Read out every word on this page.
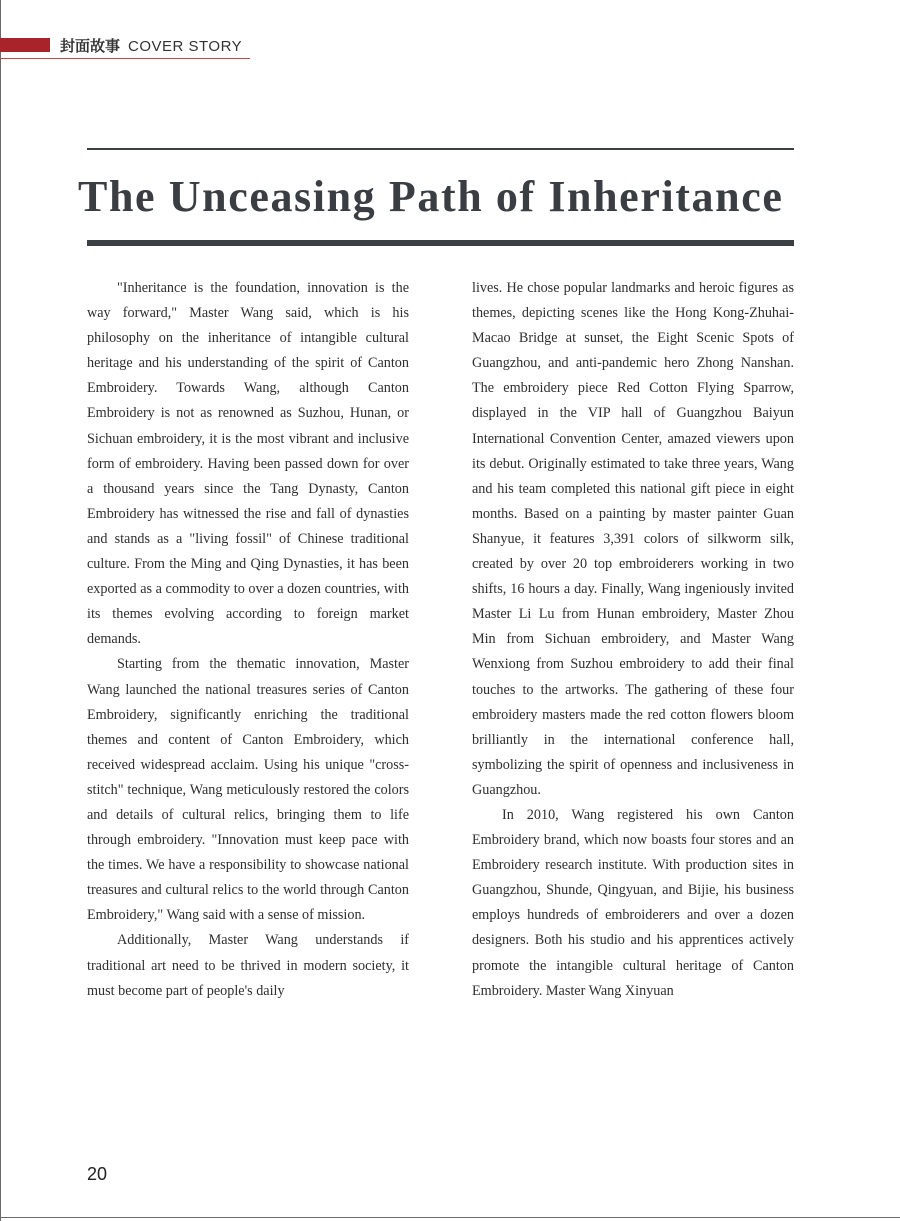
封面故事 COVER STORY
The Unceasing Path of Inheritance

"Inheritance is the foundation, innovation is the way forward," Master Wang said, which is his philosophy on the inheritance of intangible cultural heritage and his understanding of the spirit of Canton Embroidery. Towards Wang, although Canton Embroidery is not as renowned as Suzhou, Hunan, or Sichuan embroidery, it is the most vibrant and inclusive form of embroidery. Having been passed down for over a thousand years since the Tang Dynasty, Canton Embroidery has witnessed the rise and fall of dynasties and stands as a "living fossil" of Chinese traditional culture. From the Ming and Qing Dynasties, it has been exported as a commodity to over a dozen countries, with its themes evolving according to foreign market demands.

Starting from the thematic innovation, Master Wang launched the national treasures series of Canton Embroidery, significantly enriching the traditional themes and content of Canton Embroidery, which received widespread acclaim. Using his unique "cross-stitch" technique, Wang meticulously restored the colors and details of cultural relics, bringing them to life through embroidery. "Innovation must keep pace with the times. We have a responsibility to showcase national treasures and cultural relics to the world through Canton Embroidery," Wang said with a sense of mission.

Additionally, Master Wang understands if traditional art need to be thrived in modern society, it must become part of people's daily

lives. He chose popular landmarks and heroic figures as themes, depicting scenes like the Hong Kong-Zhuhai-Macao Bridge at sunset, the Eight Scenic Spots of Guangzhou, and anti-pandemic hero Zhong Nanshan. The embroidery piece Red Cotton Flying Sparrow, displayed in the VIP hall of Guangzhou Baiyun International Convention Center, amazed viewers upon its debut. Originally estimated to take three years, Wang and his team completed this national gift piece in eight months. Based on a painting by master painter Guan Shanyue, it features 3,391 colors of silkworm silk, created by over 20 top embroiderers working in two shifts, 16 hours a day. Finally, Wang ingeniously invited Master Li Lu from Hunan embroidery, Master Zhou Min from Sichuan embroidery, and Master Wang Wenxiong from Suzhou embroidery to add their final touches to the artworks. The gathering of these four embroidery masters made the red cotton flowers bloom brilliantly in the international conference hall, symbolizing the spirit of openness and inclusiveness in Guangzhou.

In 2010, Wang registered his own Canton Embroidery brand, which now boasts four stores and an Embroidery research institute. With production sites in Guangzhou, Shunde, Qingyuan, and Bijie, his business employs hundreds of embroiderers and over a dozen designers. Both his studio and his apprentices actively promote the intangible cultural heritage of Canton Embroidery. Master Wang Xinyuan

20
